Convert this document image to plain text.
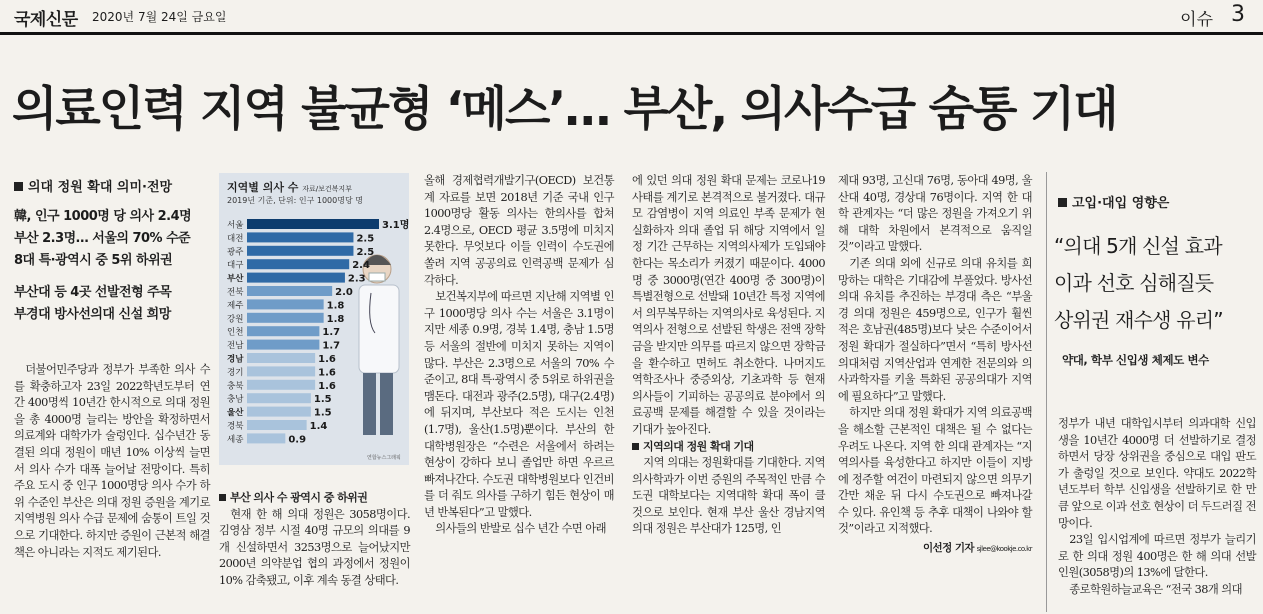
국제신문 2020년 7월 24일 금요일	이슈 3
의료인력 지역 불균형 ‘메스’… 부산, 의사수급 숨통 기대
의대 정원 확대 의미·전망
韓, 인구 1000명 당 의사 2.4명
부산 2.3명… 서울의 70% 수준
8대 특·광역시 중 5위 하위권
부산대 등 4곳 선발전형 주목
부경대 방사선의대 신설 희망

더불어민주당과 정부가 부족한 의사 수를 확충하고자 23일 2022학년도부터 연간 400명씩 10년간 한시적으로 의대 정원을 총 4000명 늘리는 방안을 확정하면서 의료계와 대학가가 술렁인다. 십수년간 동결된 의대 정원이 매년 10% 이상씩 늘면서 의사 수가 대폭 늘어날 전망이다. 특히 주요 도시 중 인구 1000명당 의사 수가 하위 수준인 부산은 의대 정원 증원을 계기로 지역병원 의사 수급 문제에 숨통이 트일 것으로 기대한다. 하지만 증원이 근본적 해결책은 아니라는 지적도 제기된다.

서울	3.1명
대전	2.5
광주	2.5
대구	2.4
부산	2.3
전북	2.0
제주	1.8
강원	1.8
인천	1.7
전남	1.7
경남	1.6
경기	1.6
충북	1.6
충남	1.5
울산	1.5
경북	1.4
세종	0.9
지역별 의사 수 자료/보건복지부
2019년 기준, 단위: 인구 1000명당 명
연합뉴스그래픽

부산 의사 수 광역시 중 하위권

현재 한 해 의대 정원은 3058명이다. 김영삼 정부 시절 40명 규모의 의대를 9개 신설하면서 3253명으로 늘어났지만 2000년 의약분업 협의 과정에서 정원이 10% 감축됐고, 이후 계속 동결 상태다.

올해 경제협력개발기구(OECD) 보건통계 자료를 보면 2018년 기준 국내 인구 1000명당 활동 의사는 한의사를 합쳐 2.4명으로, OECD 평균 3.5명에 미치지 못한다. 무엇보다 이들 인력이 수도권에 쏠려 지역 공공의료 인력공백 문제가 심각하다.

보건복지부에 따르면 지난해 지역별 인구 1000명당 의사 수는 서울은 3.1명이지만 세종 0.9명, 경북 1.4명, 충남 1.5명 등 서울의 절반에 미치지 못하는 지역이 많다. 부산은 2.3명으로 서울의 70% 수준이고, 8대 특·광역시 중 5위로 하위권을 맴돈다. 대전과 광주(2.5명), 대구(2.4명)에 뒤지며, 부산보다 적은 도시는 인천(1.7명), 울산(1.5명)뿐이다. 부산의 한 대학병원장은 “수련은 서울에서 하려는 현상이 강하다 보니 졸업만 하면 우르르 빠져나간다. 수도권 대학병원보다 인건비를 더 줘도 의사를 구하기 힘든 현상이 매년 반복된다”고 말했다.

의사들의 반발로 십수 년간 수면 아래

에 있던 의대 정원 확대 문제는 코로나19 사태를 계기로 본격적으로 불거졌다. 대규모 감염병이 지역 의료인 부족 문제가 현실화하자 의대 졸업 뒤 해당 지역에서 일정 기간 근무하는 지역의사제가 도입돼야 한다는 목소리가 커졌기 때문이다. 4000명 중 3000명(연간 400명 중 300명)이 특별전형으로 선발돼 10년간 특정 지역에서 의무복무하는 지역의사로 육성된다. 지역의사 전형으로 선발된 학생은 전액 장학금을 받지만 의무를 따르지 않으면 장학금을 환수하고 면허도 취소한다. 나머지도 역학조사나 중증외상, 기초과학 등 현재 의사들이 기피하는 공공의료 분야에서 의료공백 문제를 해결할 수 있을 것이라는 기대가 높아진다.

지역의대 정원 확대 기대

지역 의대는 정원확대를 기대한다. 지역의사학과가 이번 증원의 주목적인 만큼 수도권 대학보다는 지역대학 확대 폭이 클 것으로 보인다. 현재 부산 울산 경남지역 의대 정원은 부산대가 125명, 인

제대 93명, 고신대 76명, 동아대 49명, 울산대 40명, 경상대 76명이다. 지역 한 대학 관계자는 “더 많은 정원을 가져오기 위해 대학 차원에서 본격적으로 움직일 것”이라고 말했다.

기존 의대 외에 신규로 의대 유치를 희망하는 대학은 기대감에 부풀었다. 방사선의대 유치를 추진하는 부경대 측은 “부울경 의대 정원은 459명으로, 인구가 훨씬 적은 호남권(485명)보다 낮은 수준이어서 정원 확대가 절실하다”면서 “특히 방사선의대처럼 지역산업과 연계한 전문의와 의사과학자를 키울 특화된 공공의대가 지역에 필요하다”고 말했다.

하지만 의대 정원 확대가 지역 의료공백을 해소할 근본적인 대책은 될 수 없다는 우려도 나온다. 지역 한 의대 관계자는 “지역의사를 육성한다고 하지만 이들이 지방에 정주할 여건이 마련되지 않으면 의무기간만 채운 뒤 다시 수도권으로 빠져나갈 수 있다. 유인책 등 추후 대책이 나와야 할 것”이라고 지적했다.

이선정 기자 sjlee@kookje.co.kr
고입·대입 영향은
“의대 5개 신설 효과
이과 선호 심해질듯
상위권 재수생 유리”
약대, 학부 신입생 체제도 변수

정부가 내년 대학입시부터 의과대학 신입생을 10년간 4000명 더 선발하기로 결정하면서 당장 상위권을 중심으로 대입 판도가 출렁일 것으로 보인다. 약대도 2022학년도부터 학부 신입생을 선발하기로 한 만큼 앞으로 이과 선호 현상이 더 두드러질 전망이다.

23일 입시업계에 따르면 정부가 늘리기로 한 의대 정원 400명은 한 해 의대 선발 인원(3058명)의 13%에 달한다.

종로학원하늘교육은 “전국 38개 의대
